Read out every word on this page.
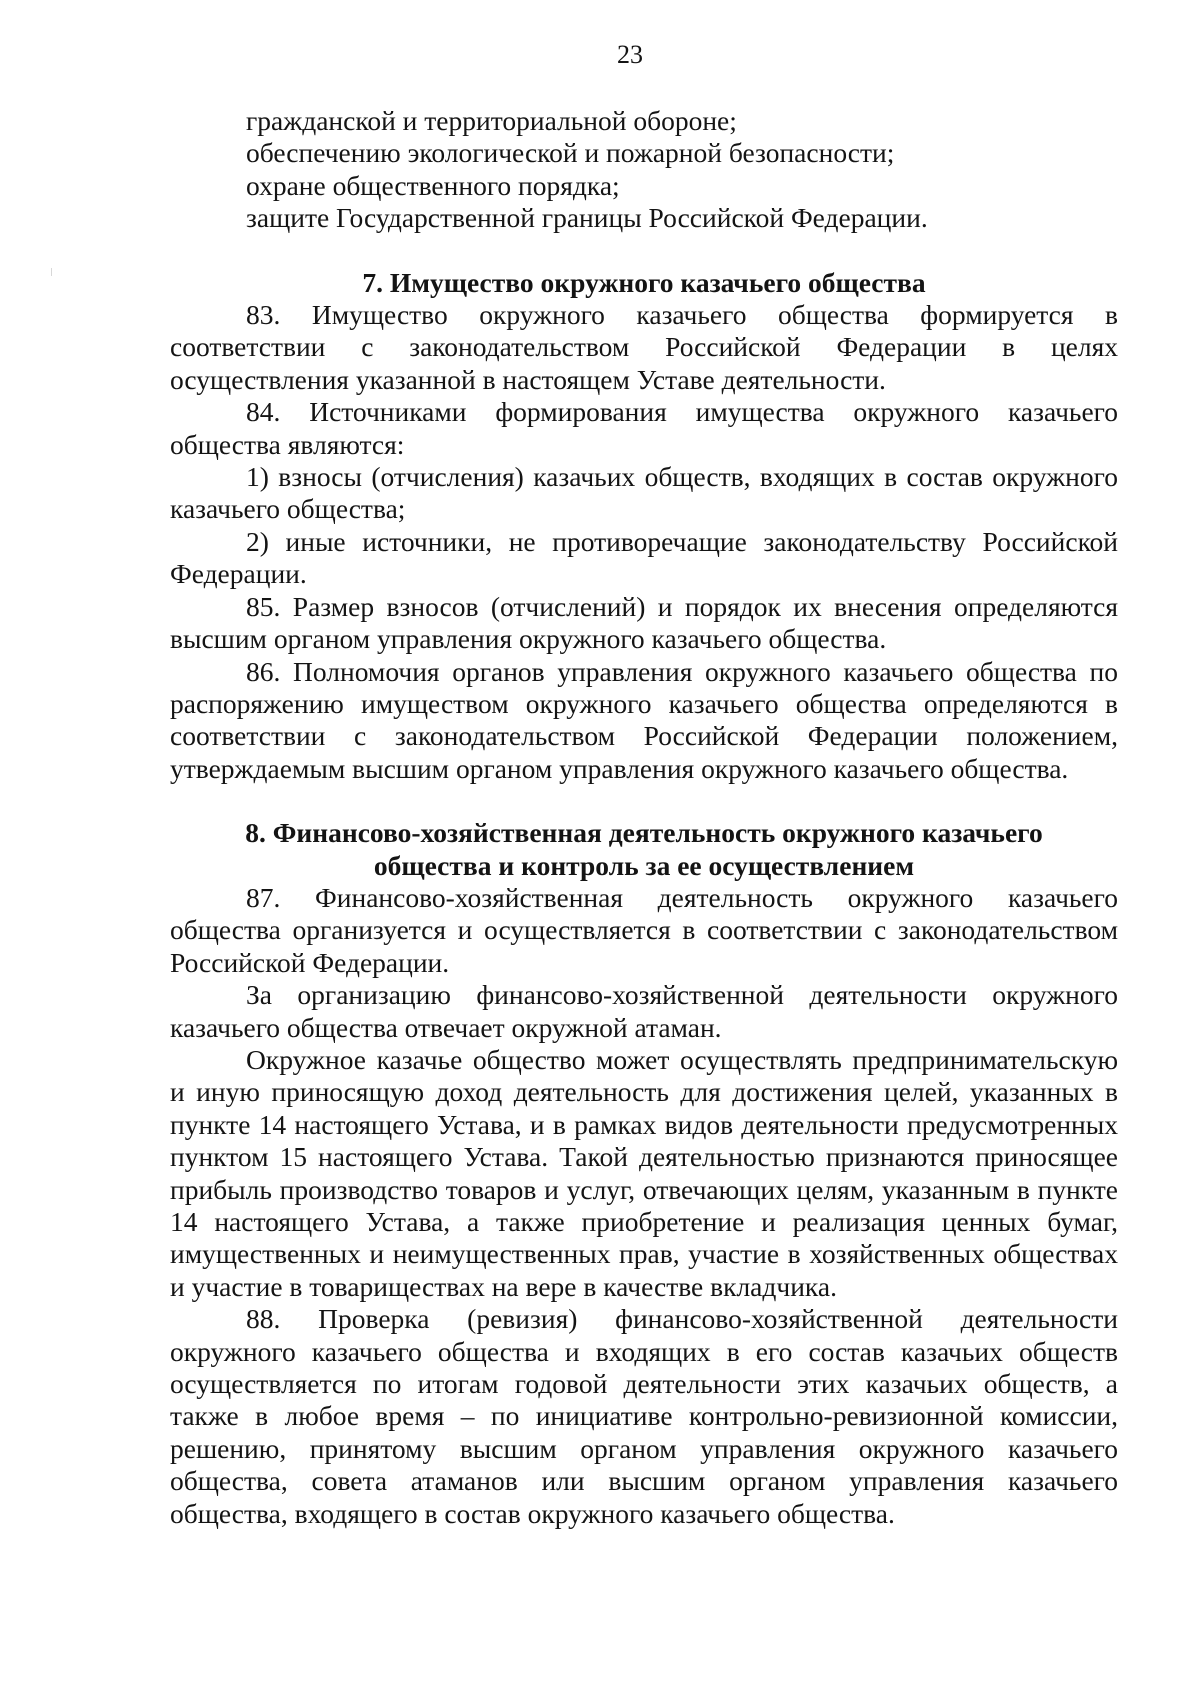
23

гражданской и территориальной обороне;

обеспечению экологической и пожарной безопасности;

охране общественного порядка;

защите Государственной границы Российской Федерации.

7. Имущество окружного казачьего общества

83. Имущество окружного казачьего общества формируется в соответствии с законодательством Российской Федерации в целях осуществления указанной в настоящем Уставе деятельности.

84. Источниками формирования имущества окружного казачьего общества являются:

1) взносы (отчисления) казачьих обществ, входящих в состав окружного казачьего общества;

2) иные источники, не противоречащие законодательству Российской Федерации.

85. Размер взносов (отчислений) и порядок их внесения определяются высшим органом управления окружного казачьего общества.

86. Полномочия органов управления окружного казачьего общества по распоряжению имуществом окружного казачьего общества определяются в соответствии с законодательством Российской Федерации положением, утверждаемым высшим органом управления окружного казачьего общества.

8. Финансово-хозяйственная деятельность окружного казачьего

общества и контроль за ее осуществлением

87. Финансово-хозяйственная деятельность окружного казачьего общества организуется и осуществляется в соответствии с законодательством Российской Федерации.

За организацию финансово-хозяйственной деятельности окружного казачьего общества отвечает окружной атаман.

Окружное казачье общество может осуществлять предпринимательскую и иную приносящую доход деятельность для достижения целей, указанных в пункте 14 настоящего Устава, и в рамках видов деятельности предусмотренных пунктом 15 настоящего Устава. Такой деятельностью признаются приносящее прибыль производство товаров и услуг, отвечающих целям, указанным в пункте 14 настоящего Устава, а также приобретение и реализация ценных бумаг, имущественных и неимущественных прав, участие в хозяйственных обществах и участие в товариществах на вере в качестве вкладчика.

88. Проверка (ревизия) финансово-хозяйственной деятельности окружного казачьего общества и входящих в его состав казачьих обществ осуществляется по итогам годовой деятельности этих казачьих обществ, а также в любое время – по инициативе контрольно-ревизионной комиссии, решению, принятому высшим органом управления окружного казачьего общества, совета атаманов или высшим органом управления казачьего общества, входящего в состав окружного казачьего общества.
